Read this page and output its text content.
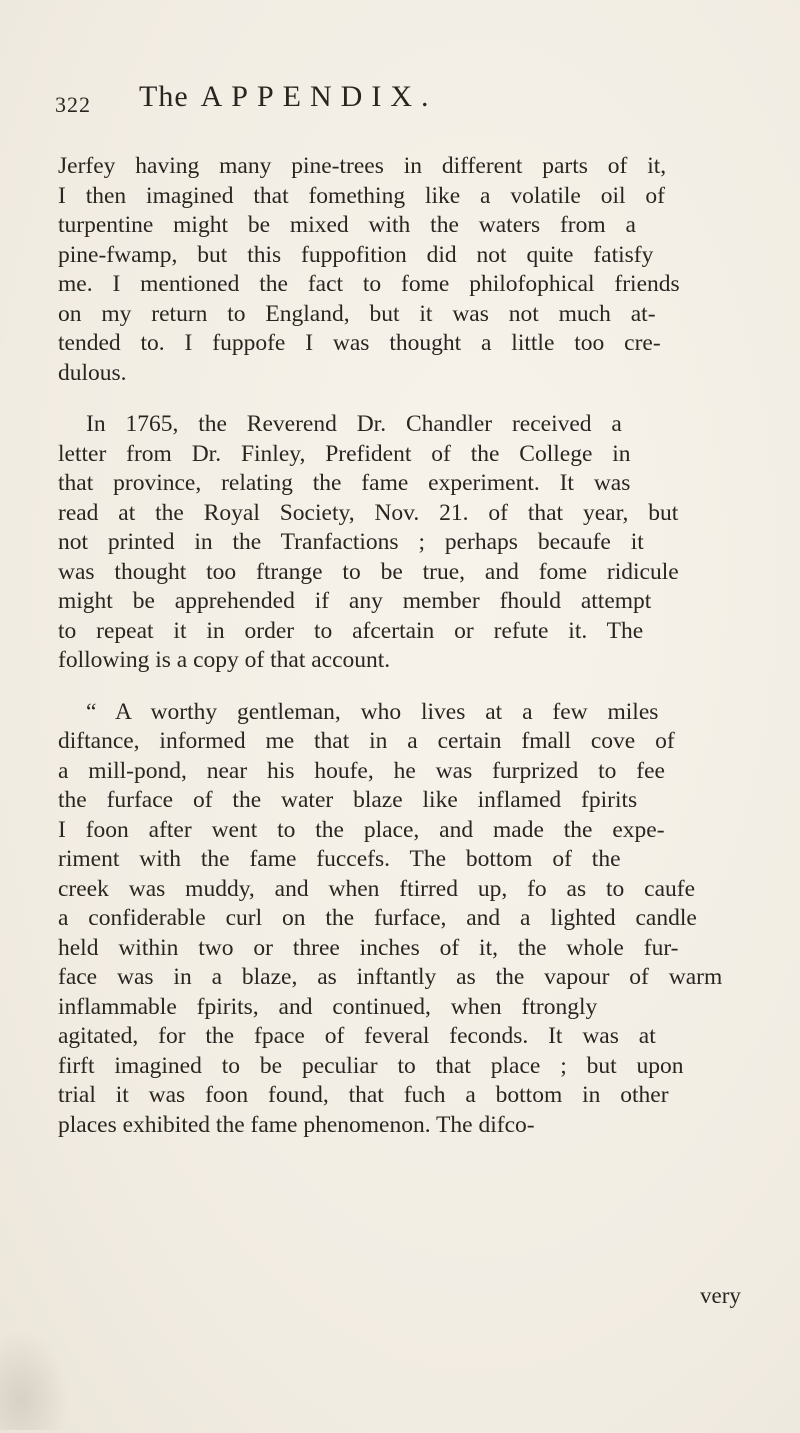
322 The APPENDIX.
Jerfey having many pine-trees in different parts of it,
I then imagined that fomething like a volatile oil of
turpentine might be mixed with the waters from a
pine-fwamp, but this fuppofition did not quite fatisfy
me. I mentioned the fact to fome philofophical friends
on my return to England, but it was not much at-
tended to. I fuppofe I was thought a little too cre-
dulous.
In 1765, the Reverend Dr. Chandler received a
letter from Dr. Finley, Prefident of the College in
that province, relating the fame experiment. It was
read at the Royal Society, Nov. 21. of that year, but
not printed in the Tranfactions ; perhaps becaufe it
was thought too ftrange to be true, and fome ridicule
might be apprehended if any member fhould attempt
to repeat it in order to afcertain or refute it. The
following is a copy of that account.
“ A worthy gentleman, who lives at a few miles
diftance, informed me that in a certain fmall cove of
a mill-pond, near his houfe, he was furprized to fee
the furface of the water blaze like inflamed fpirits
I foon after went to the place, and made the expe-
riment with the fame fuccefs. The bottom of the
creek was muddy, and when ftirred up, fo as to caufe
a confiderable curl on the furface, and a lighted candle
held within two or three inches of it, the whole fur-
face was in a blaze, as inftantly as the vapour of warm
inflammable fpirits, and continued, when ftrongly
agitated, for the fpace of feveral feconds. It was at
firft imagined to be peculiar to that place ; but upon
trial it was foon found, that fuch a bottom in other
places exhibited the fame phenomenon. The difco-
very
